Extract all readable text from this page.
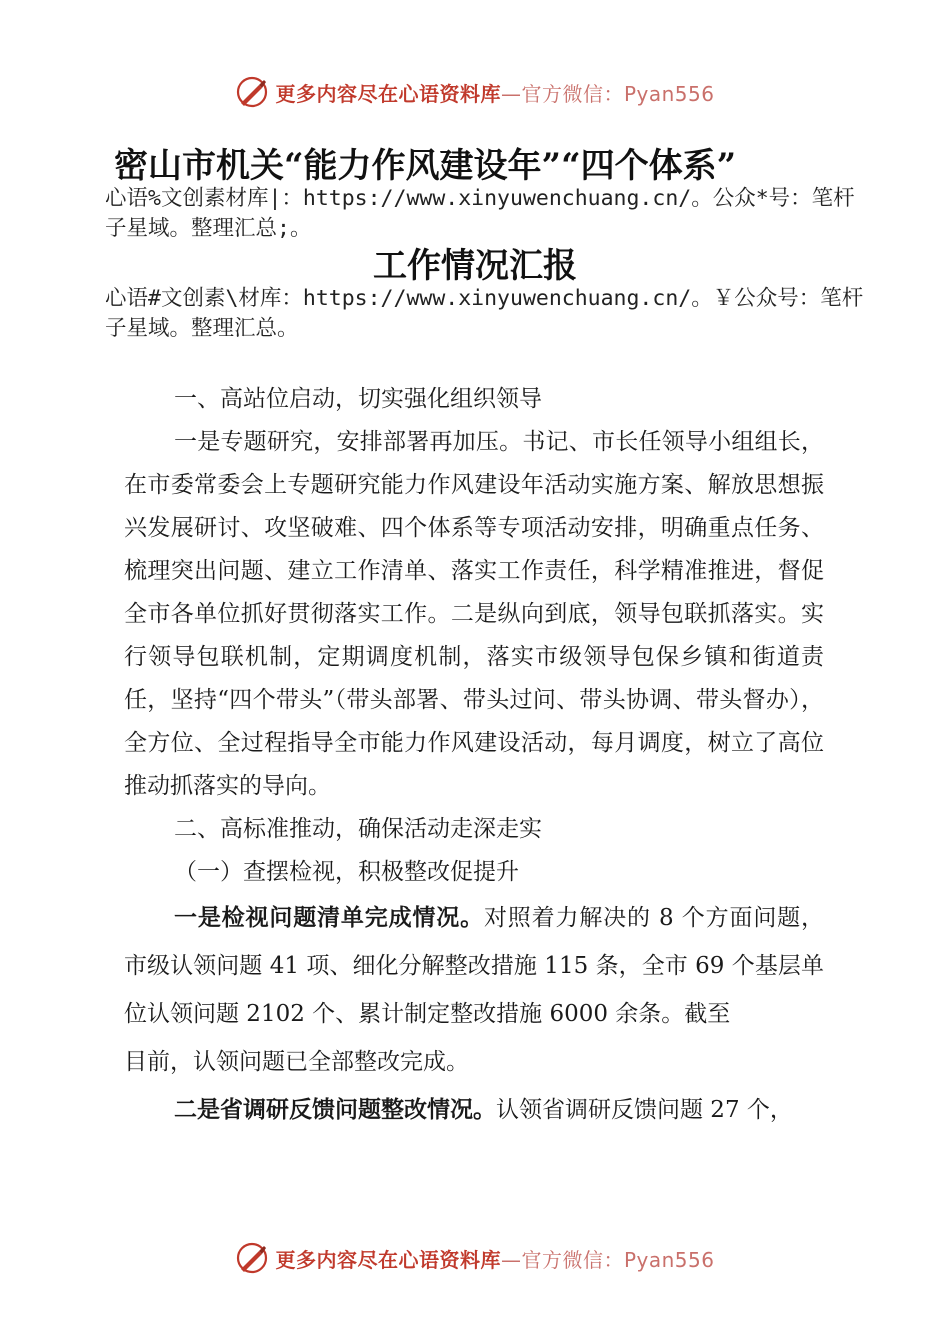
更多内容尽在心语资料库—官方微信：Pyan556
密山市机关“能力作风建设年”“四个体系”

心语%文创素材库|：https://www.xinyuwenchuang.cn/。公众*号：笔杆子星域。整理汇总;。

工作情况汇报

心语#文创素\材库：https://www.xinyuwenchuang.cn/。￥公众号：笔杆子星域。整理汇总。

一、高站位启动，切实强化组织领导

一是专题研究，安排部署再加压。书记、市长任领导小组组长，在市委常委会上专题研究能力作风建设年活动实施方案、解放思想振兴发展研讨、攻坚破难、四个体系等专项活动安排，明确重点任务、梳理突出问题、建立工作清单、落实工作责任，科学精准推进，督促全市各单位抓好贯彻落实工作。二是纵向到底，领导包联抓落实。实行领导包联机制，定期调度机制，落实市级领导包保乡镇和街道责任，坚持“四个带头”（带头部署、带头过问、带头协调、带头督办），全方位、全过程指导全市能力作风建设活动，每月调度，树立了高位推动抓落实的导向。

二、高标准推动，确保活动走深走实

（一）查摆检视，积极整改促提升

一是检视问题清单完成情况。对照着力解决的 8 个方面问题，市级认领问题 41 项、细化分解整改措施 115 条，全市 69 个基层单位认领问题 2102 个、累计制定整改措施 6000 余条。截至

目前，认领问题已全部整改完成。

二是省调研反馈问题整改情况。认领省调研反馈问题 27 个，

更多内容尽在心语资料库—官方微信：Pyan556
